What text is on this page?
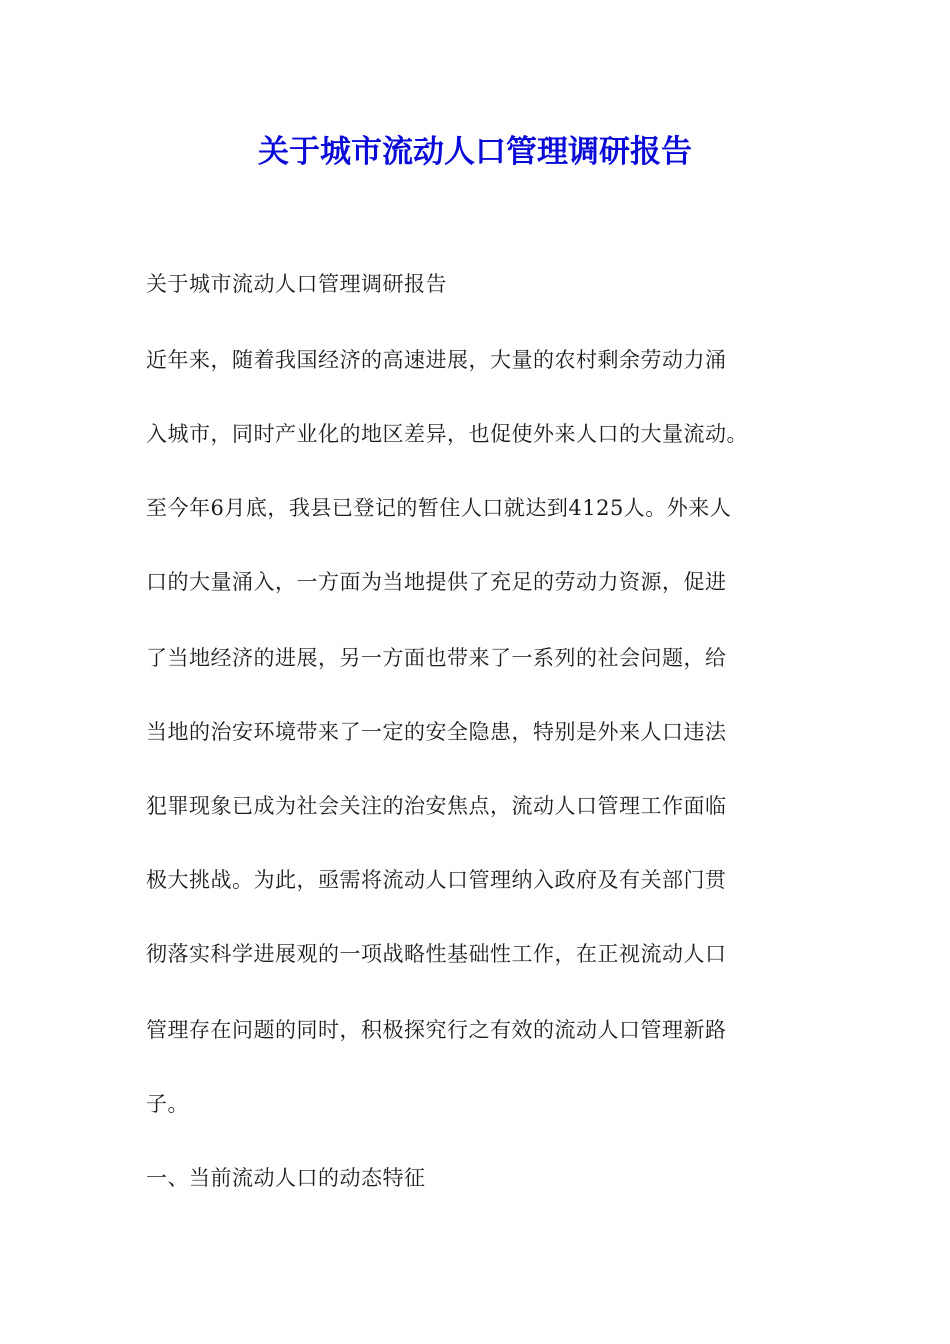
关于城市流动人口管理调研报告

关于城市流动人口管理调研报告

近年来，随着我国经济的高速进展，大量的农村剩余劳动力涌

入城市，同时产业化的地区差异，也促使外来人口的大量流动。

至今年6月底，我县已登记的暂住人口就达到4125人。外来人

口的大量涌入，一方面为当地提供了充足的劳动力资源，促进

了当地经济的进展，另一方面也带来了一系列的社会问题，给

当地的治安环境带来了一定的安全隐患，特别是外来人口违法

犯罪现象已成为社会关注的治安焦点，流动人口管理工作面临

极大挑战。为此，亟需将流动人口管理纳入政府及有关部门贯

彻落实科学进展观的一项战略性基础性工作，在正视流动人口

管理存在问题的同时，积极探究行之有效的流动人口管理新路

子。

一、当前流动人口的动态特征
